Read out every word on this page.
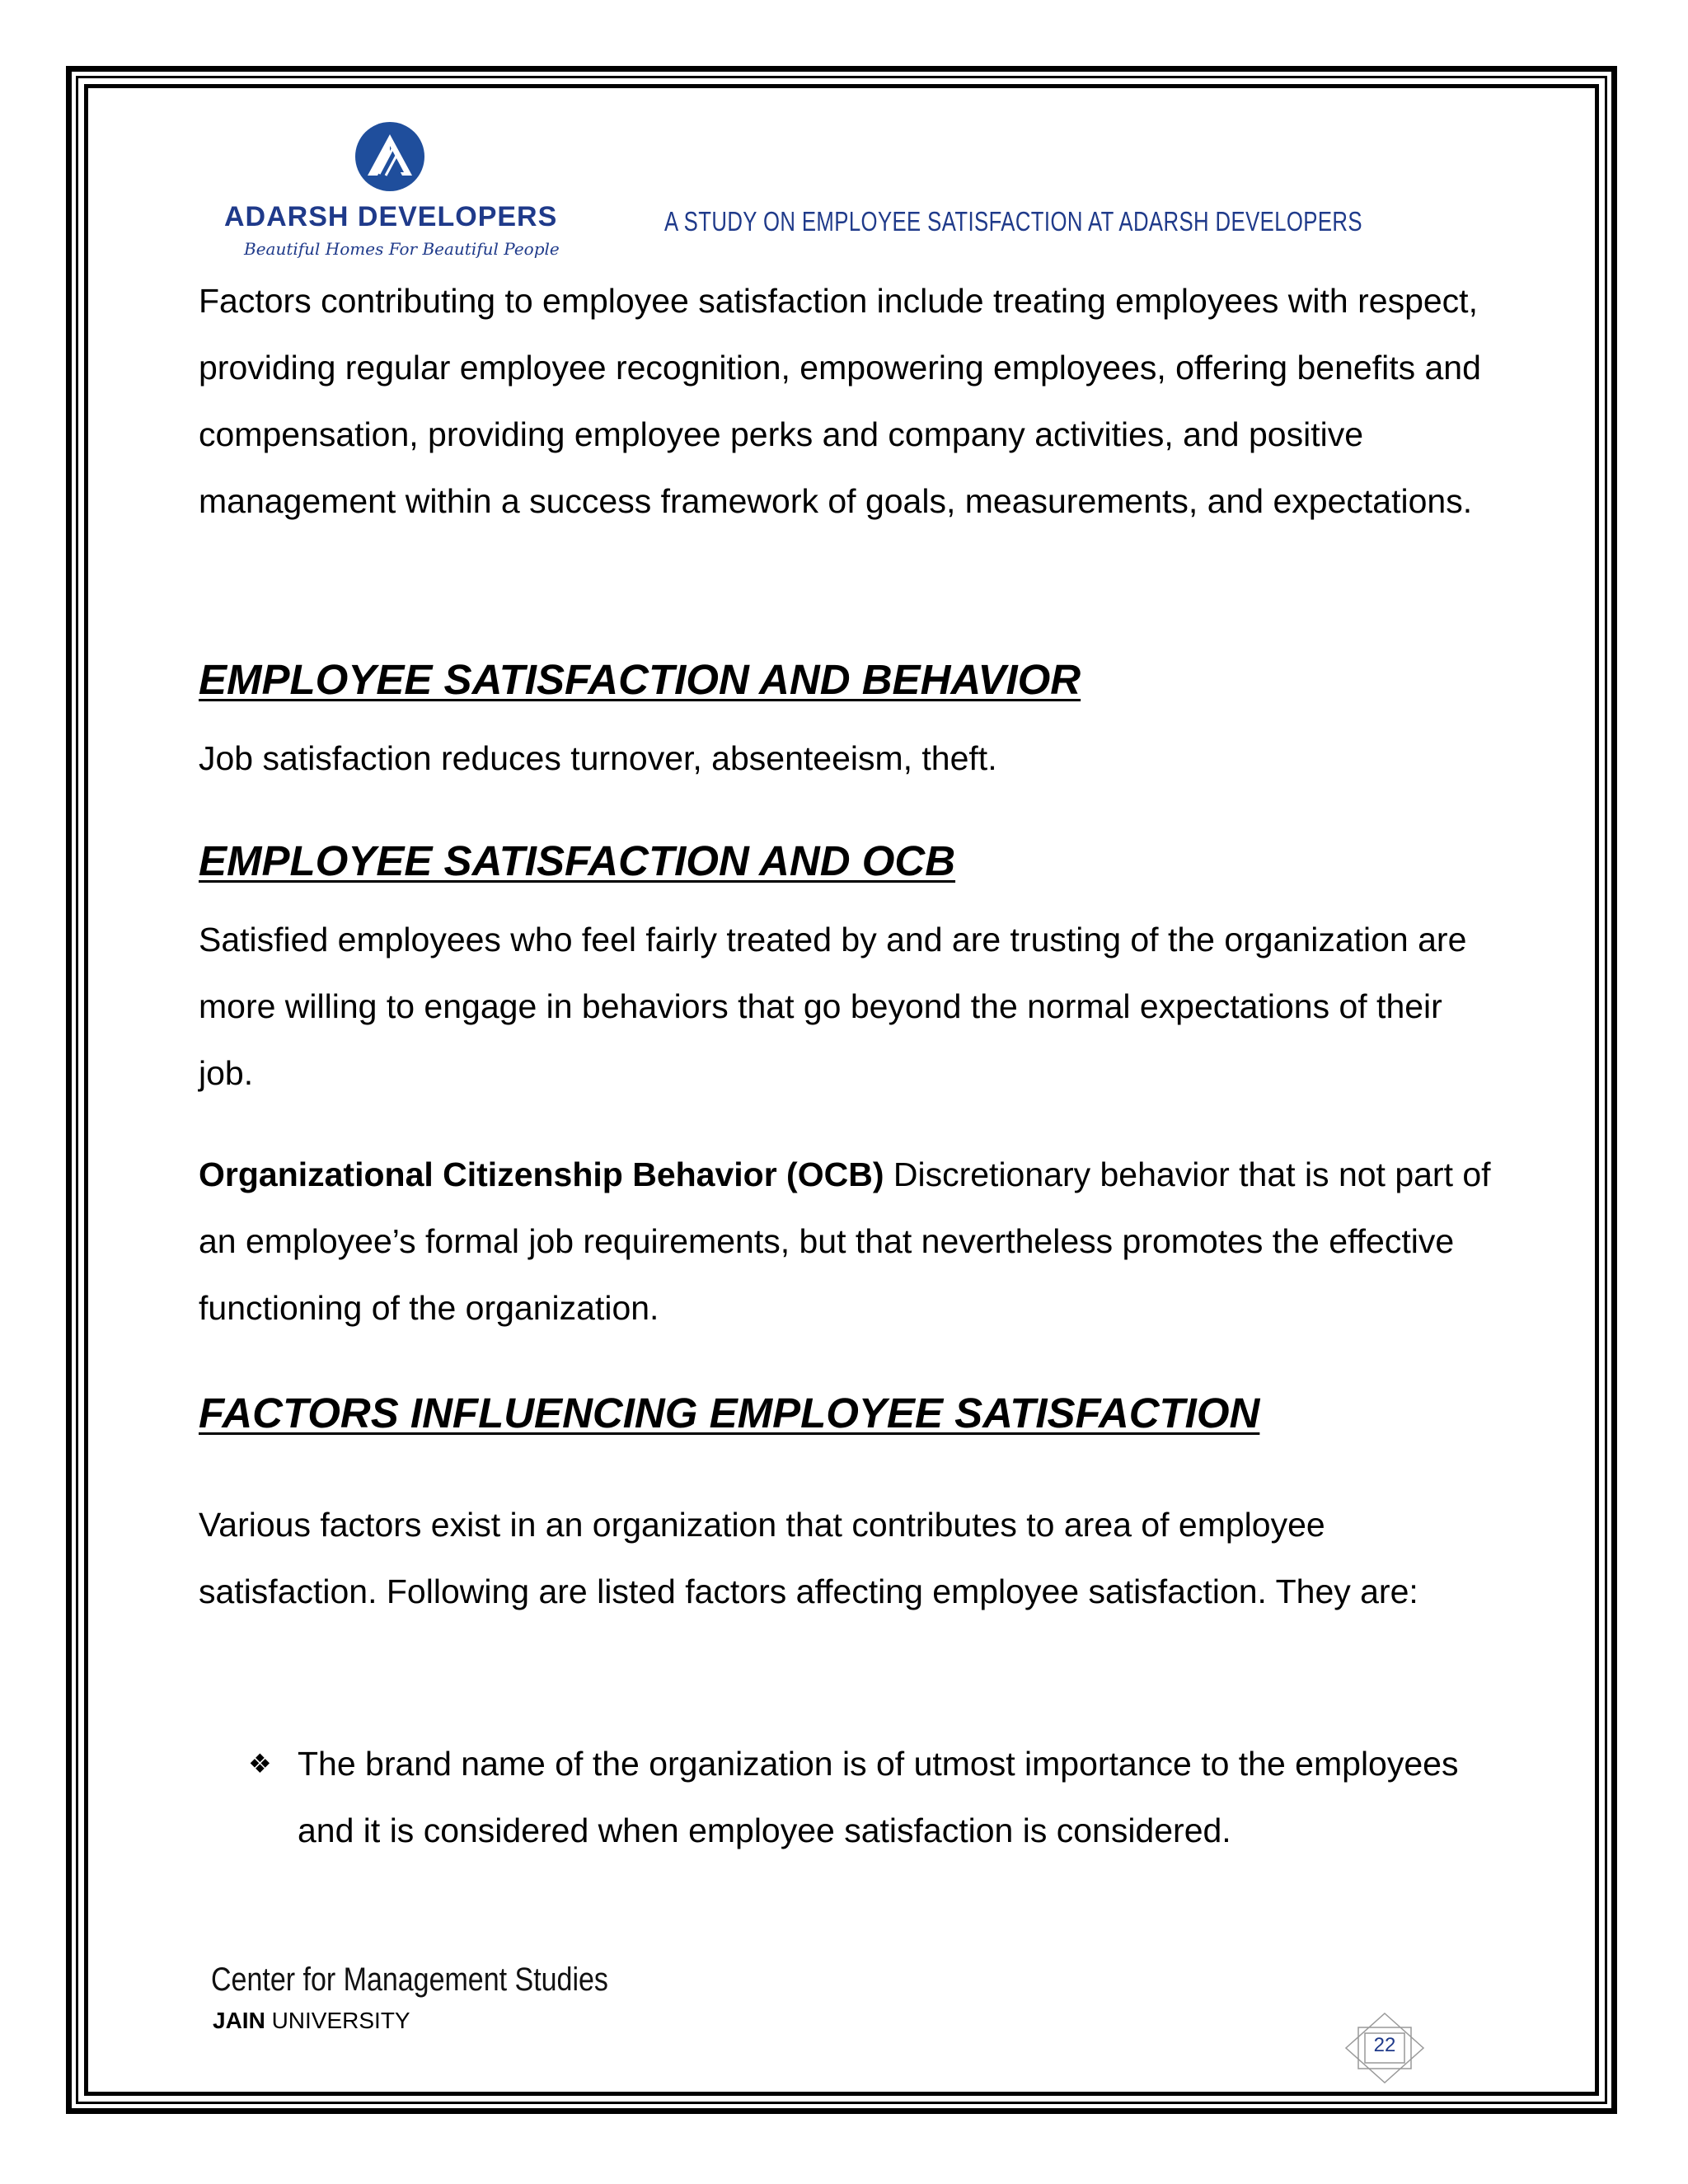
ADARSH DEVELOPERS
Beautiful Homes For Beautiful People
A STUDY ON EMPLOYEE SATISFACTION AT ADARSH DEVELOPERS

Factors contributing to employee satisfaction include treating employees with respect, providing regular employee recognition, empowering employees, offering benefits and compensation, providing employee perks and company activities, and positive management within a success framework of goals, measurements, and expectations.

EMPLOYEE SATISFACTION AND BEHAVIOR

Job satisfaction reduces turnover, absenteeism, theft.

EMPLOYEE SATISFACTION AND OCB

Satisfied employees who feel fairly treated by and are trusting of the organization are more willing to engage in behaviors that go beyond the normal expectations of their job.

Organizational Citizenship Behavior (OCB) Discretionary behavior that is not part of an employee’s formal job requirements, but that nevertheless promotes the effective functioning of the organization.

FACTORS INFLUENCING EMPLOYEE SATISFACTION

Various factors exist in an organization that contributes to area of employee satisfaction. Following are listed factors affecting employee satisfaction. They are:

❖ The brand name of the organization is of utmost importance to the employees and it is considered when employee satisfaction is considered.
Center for Management Studies
JAIN UNIVERSITY
22
